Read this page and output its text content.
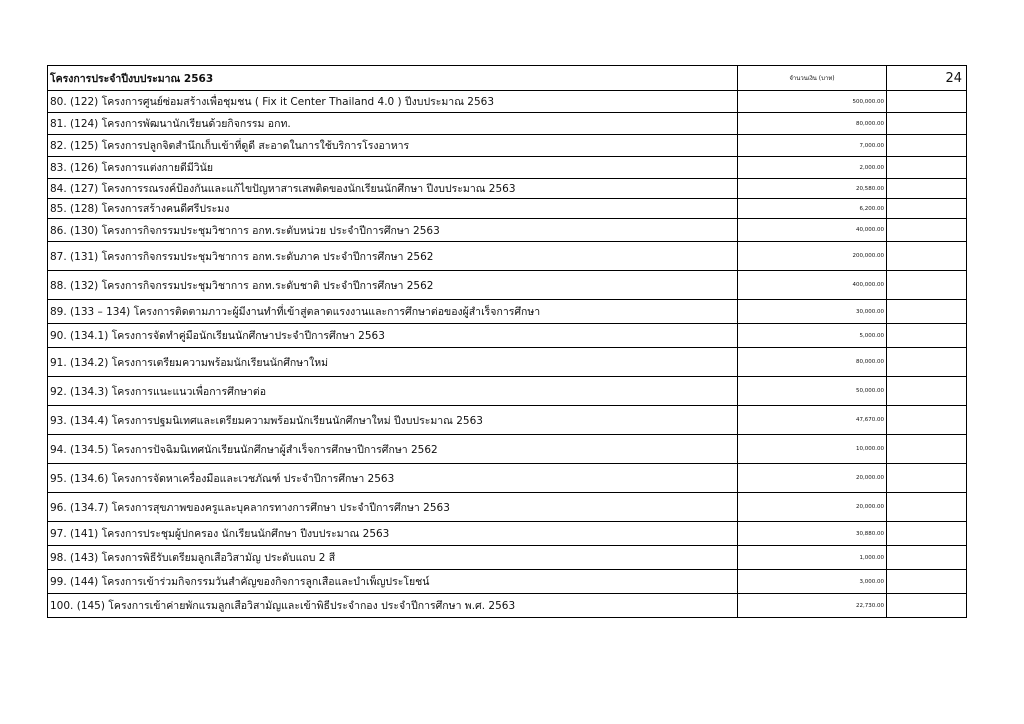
โครงการประจำปีงบประมาณ 2563	จำนวนเงิน (บาท)	24
80. (122) โครงการศูนย์ซ่อมสร้างเพื่อชุมชน ( Fix it Center Thailand 4.0 ) ปีงบประมาณ 2563	500,000.00	
81. (124) โครงการพัฒนานักเรียนด้วยกิจกรรม อกท.	80,000.00	
82. (125) โครงการปลูกจิตสำนึกเก็บเข้าที่ดูดี สะอาดในการใช้บริการโรงอาหาร	7,000.00	
83. (126) โครงการแต่งกายดีมีวินัย	2,000.00	
84. (127) โครงการรณรงค์ป้องกันและแก้ไขปัญหาสารเสพติดของนักเรียนนักศึกษา ปีงบประมาณ 2563	20,580.00	
85. (128) โครงการสร้างคนดีศรีประมง	6,200.00	
86. (130) โครงการกิจกรรมประชุมวิชาการ อกท.ระดับหน่วย ประจำปีการศึกษา 2563	40,000.00	
87. (131) โครงการกิจกรรมประชุมวิชาการ อกท.ระดับภาค ประจำปีการศึกษา 2562	200,000.00	
88. (132) โครงการกิจกรรมประชุมวิชาการ อกท.ระดับชาติ ประจำปีการศึกษา 2562	400,000.00	
89. (133 – 134) โครงการติดตามภาวะผู้มีงานทำที่เข้าสู่ตลาดแรงงานและการศึกษาต่อของผู้สำเร็จการศึกษา	30,000.00	
90. (134.1) โครงการจัดทำคู่มือนักเรียนนักศึกษาประจำปีการศึกษา 2563	5,000.00	
91. (134.2) โครงการเตรียมความพร้อมนักเรียนนักศึกษาใหม่	80,000.00	
92. (134.3) โครงการแนะแนวเพื่อการศึกษาต่อ	50,000.00	
93. (134.4) โครงการปฐมนิเทศและเตรียมความพร้อมนักเรียนนักศึกษาใหม่ ปีงบประมาณ 2563	47,670.00	
94. (134.5) โครงการปัจฉิมนิเทศนักเรียนนักศึกษาผู้สำเร็จการศึกษาปีการศึกษา 2562	10,000.00	
95. (134.6) โครงการจัดหาเครื่องมือและเวชภัณฑ์ ประจำปีการศึกษา 2563	20,000.00	
96. (134.7) โครงการสุขภาพของครูและบุคลากรทางการศึกษา ประจำปีการศึกษา 2563	20,000.00	
97. (141) โครงการประชุมผู้ปกครอง นักเรียนนักศึกษา ปีงบประมาณ 2563	30,880.00	
98. (143) โครงการพิธีรับเตรียมลูกเสือวิสามัญ ประดับแถบ 2 สี	1,000.00	
99. (144) โครงการเข้าร่วมกิจกรรมวันสำคัญของกิจการลูกเสือและบำเพ็ญประโยชน์	3,000.00	
100. (145) โครงการเข้าค่ายพักแรมลูกเสือวิสามัญและเข้าพิธีประจำกอง ประจำปีการศึกษา พ.ศ. 2563	22,730.00	
